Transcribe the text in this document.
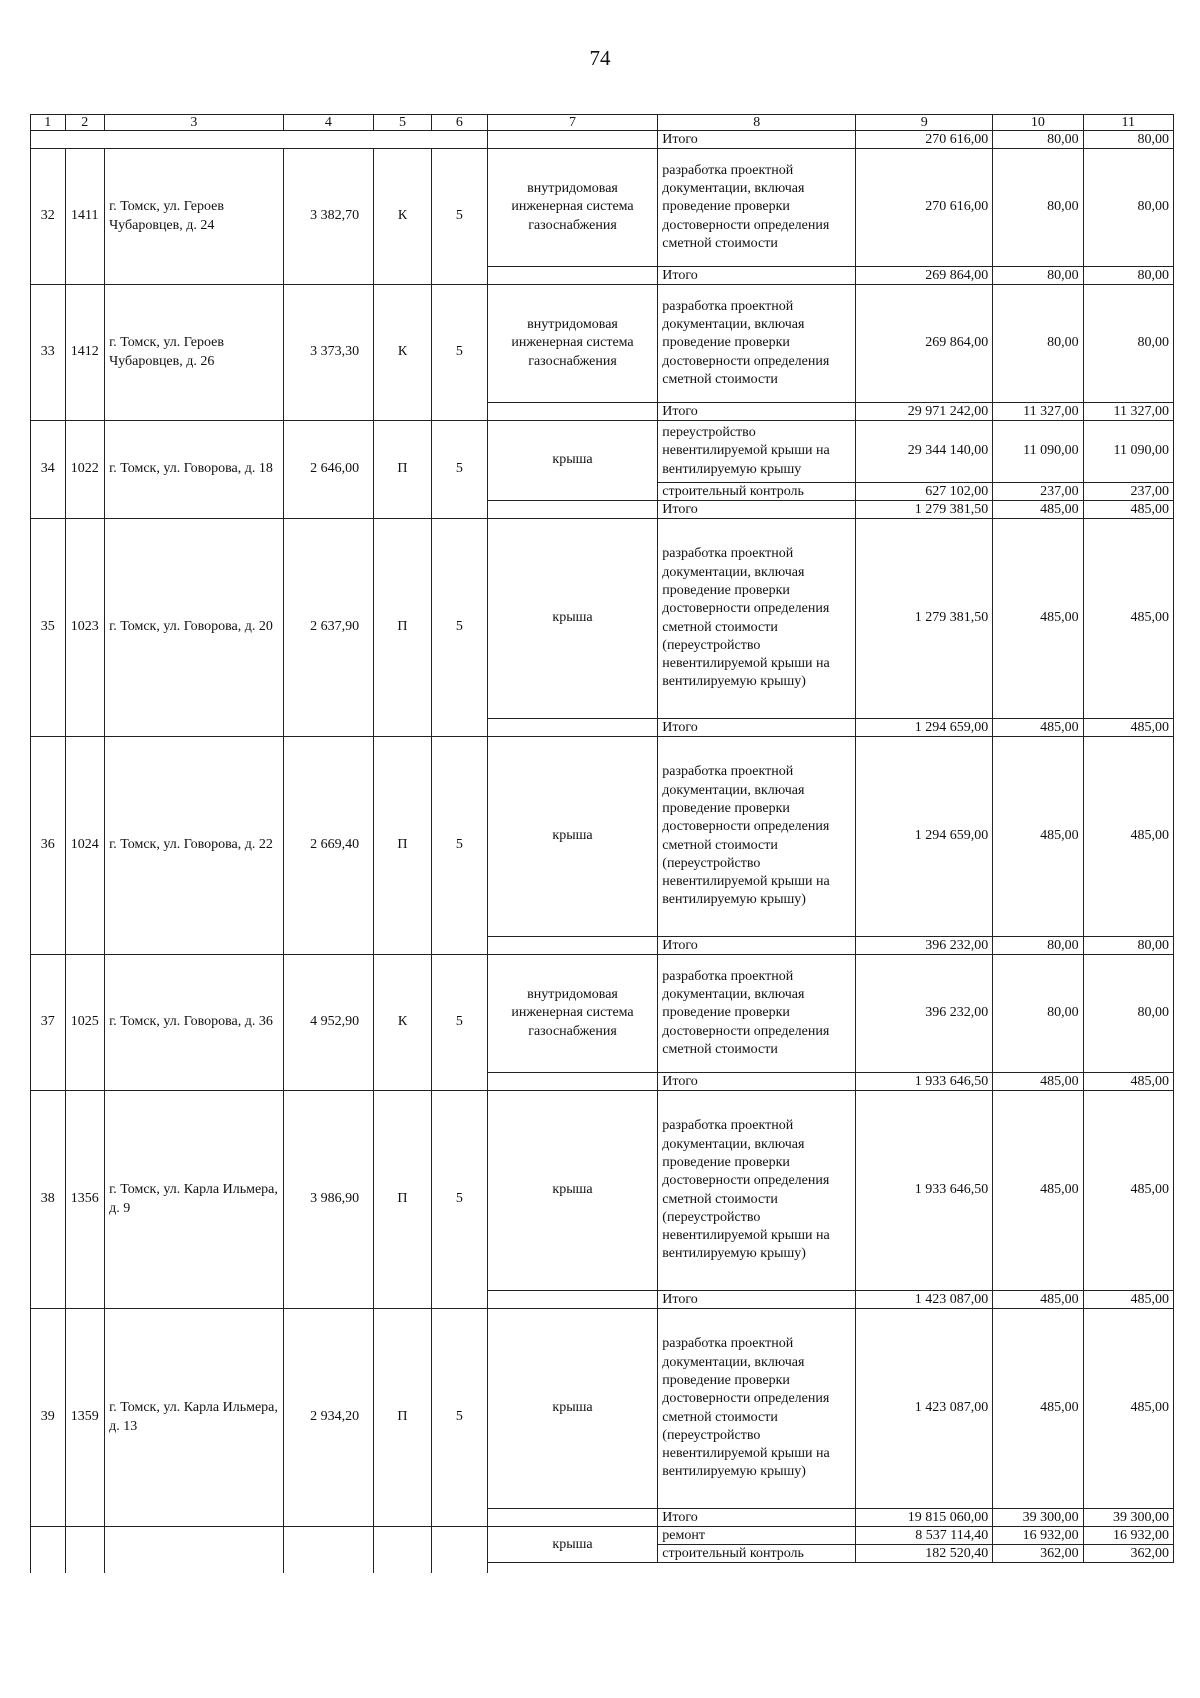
74
1	2	3	4	5	6	7	8	9	10	11
							Итого	270 616,00	80,00	80,00
32	1411	г. Томск, ул. Героев Чубаровцев, д. 24	3 382,70	К	5	внутридомовая инженерная система газоснабжения	разработка проектной документации, включая проведение проверки достоверности определения сметной стоимости	270 616,00	80,00	80,00
							Итого	269 864,00	80,00	80,00
33	1412	г. Томск, ул. Героев Чубаровцев, д. 26	3 373,30	К	5	внутридомовая инженерная система газоснабжения	разработка проектной документации, включая проведение проверки достоверности определения сметной стоимости	269 864,00	80,00	80,00
							Итого	29 971 242,00	11 327,00	11 327,00
34	1022	г. Томск, ул. Говорова, д. 18	2 646,00	П	5	крыша	переустройство невентилируемой крыши на вентилируемую крышу	29 344 140,00	11 090,00	11 090,00
							строительный контроль	627 102,00	237,00	237,00
							Итого	1 279 381,50	485,00	485,00
35	1023	г. Томск, ул. Говорова, д. 20	2 637,90	П	5	крыша	разработка проектной документации, включая проведение проверки достоверности определения сметной стоимости (переустройство невентилируемой крыши на вентилируемую крышу)	1 279 381,50	485,00	485,00
							Итого	1 294 659,00	485,00	485,00
36	1024	г. Томск, ул. Говорова, д. 22	2 669,40	П	5	крыша	разработка проектной документации, включая проведение проверки достоверности определения сметной стоимости (переустройство невентилируемой крыши на вентилируемую крышу)	1 294 659,00	485,00	485,00
							Итого	396 232,00	80,00	80,00
37	1025	г. Томск, ул. Говорова, д. 36	4 952,90	К	5	внутридомовая инженерная система газоснабжения	разработка проектной документации, включая проведение проверки достоверности определения сметной стоимости	396 232,00	80,00	80,00
							Итого	1 933 646,50	485,00	485,00
38	1356	г. Томск, ул. Карла Ильмера, д. 9	3 986,90	П	5	крыша	разработка проектной документации, включая проведение проверки достоверности определения сметной стоимости (переустройство невентилируемой крыши на вентилируемую крышу)	1 933 646,50	485,00	485,00
							Итого	1 423 087,00	485,00	485,00
39	1359	г. Томск, ул. Карла Ильмера, д. 13	2 934,20	П	5	крыша	разработка проектной документации, включая проведение проверки достоверности определения сметной стоимости (переустройство невентилируемой крыши на вентилируемую крышу)	1 423 087,00	485,00	485,00
							Итого	19 815 060,00	39 300,00	39 300,00
						крыша	ремонт	8 537 114,40	16 932,00	16 932,00
							строительный контроль	182 520,40	362,00	362,00
